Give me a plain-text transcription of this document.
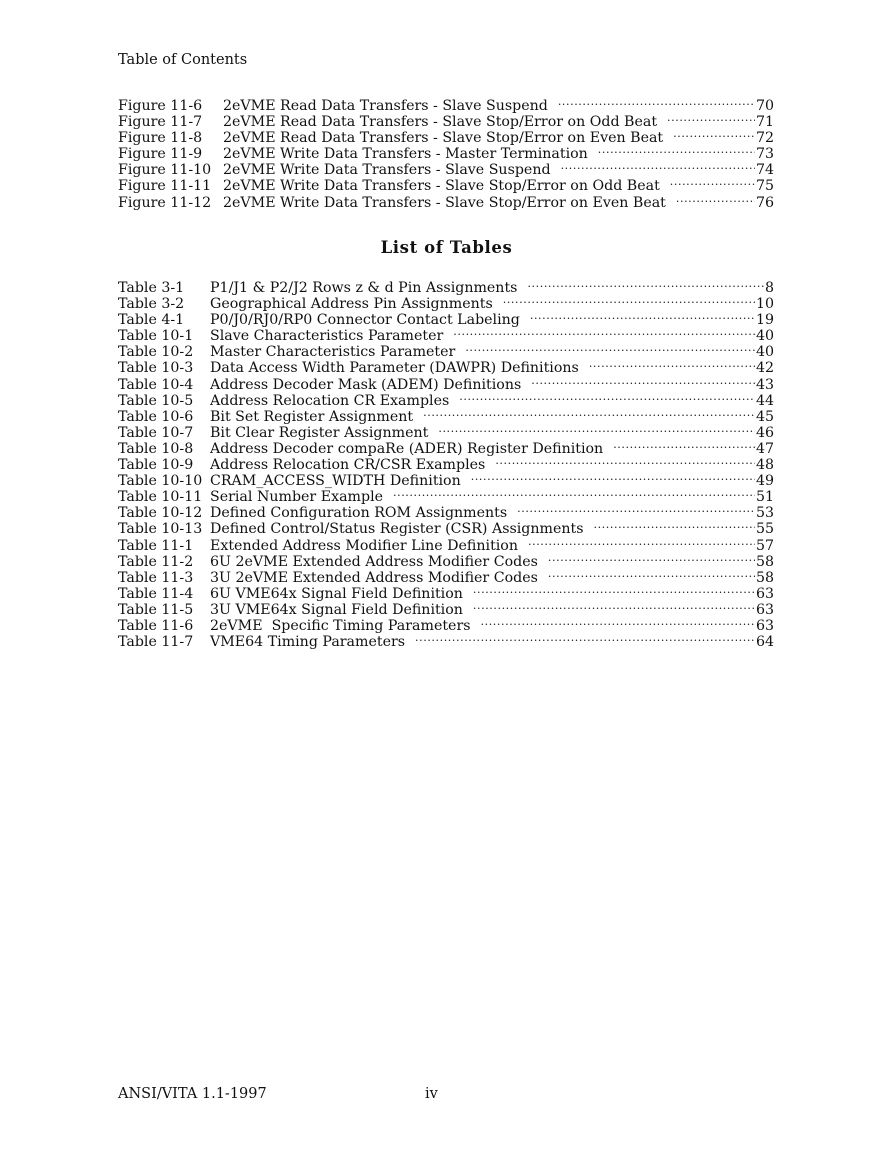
Table of Contents
Figure 11-6	2eVME Read Data Transfers - Slave Suspend .....	70
Figure 11-7	2eVME Read Data Transfers - Slave Stop/Error on Odd Beat .....	71
Figure 11-8	2eVME Read Data Transfers - Slave Stop/Error on Even Beat .....	72
Figure 11-9	2eVME Write Data Transfers - Master Termination .....	73
Figure 11-10 2eVME Write Data Transfers - Slave Suspend .....	74
Figure 11-11 2eVME Write Data Transfers - Slave Stop/Error on Odd Beat .....	75
Figure 11-12 2eVME Write Data Transfers - Slave Stop/Error on Even Beat .....	76
List of Tables
Table 3-1	P1/J1 & P2/J2 Rows z & d Pin Assignments .....	8
Table 3-2	Geographical Address Pin Assignments .....	10
Table 4-1	P0/J0/RJ0/RP0 Connector Contact Labeling .....	19
Table 10-1	Slave Characteristics Parameter .....	40
Table 10-2	Master Characteristics Parameter .....	40
Table 10-3	Data Access Width Parameter (DAWPR) Definitions .....	42
Table 10-4	Address Decoder Mask (ADEM) Definitions .....	43
Table 10-5	Address Relocation CR Examples .....	44
Table 10-6	Bit Set Register Assignment .....	45
Table 10-7	Bit Clear Register Assignment .....	46
Table 10-8	Address Decoder compaRe (ADER) Register Definition .....	47
Table 10-9	Address Relocation CR/CSR Examples .....	48
Table 10-10 CRAM_ACCESS_WIDTH Definition .....	49
Table 10-11 Serial Number Example .....	51
Table 10-12 Defined Configuration ROM Assignments .....	53
Table 10-13 Defined Control/Status Register (CSR) Assignments .....	55
Table 11-1	Extended Address Modifier Line Definition .....	57
Table 11-2	6U 2eVME Extended Address Modifier Codes .....	58
Table 11-3	3U 2eVME Extended Address Modifier Codes .....	58
Table 11-4	6U VME64x Signal Field Definition .....	63
Table 11-5	3U VME64x Signal Field Definition .....	63
Table 11-6	2eVME  Specific Timing Parameters .....	63
Table 11-7	VME64 Timing Parameters .....	64
ANSI/VITA 1.1-1997	iv
